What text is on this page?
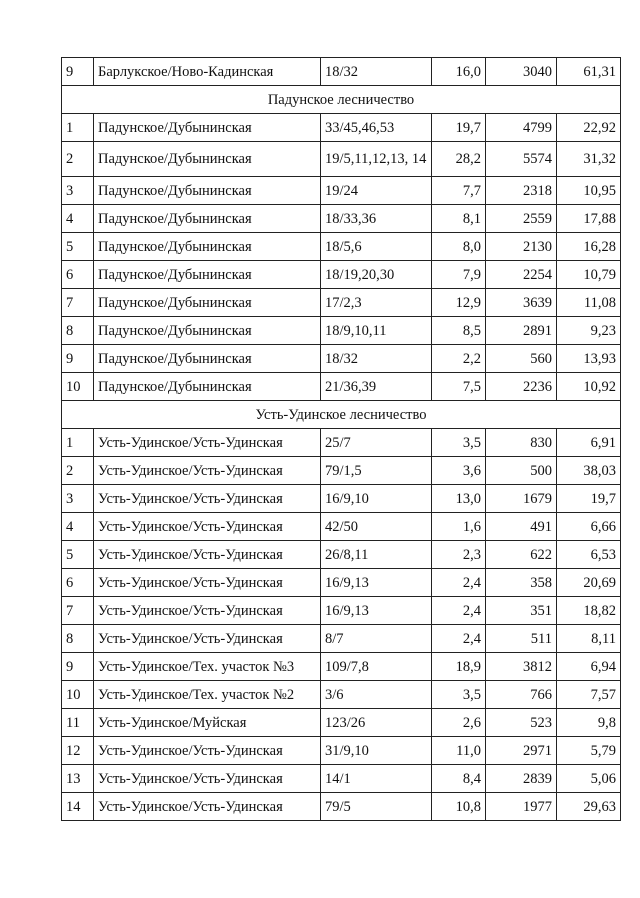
9	Барлукское/Ново-Кадинская	18/32	16,0	3040	61,31
Падунское лесничество					
1	Падунское/Дубынинская	33/45,46,53	19,7	4799	22,92
2	Падунское/Дубынинская	19/5,11,12,13, 14	28,2	5574	31,32
3	Падунское/Дубынинская	19/24	7,7	2318	10,95
4	Падунское/Дубынинская	18/33,36	8,1	2559	17,88
5	Падунское/Дубынинская	18/5,6	8,0	2130	16,28
6	Падунское/Дубынинская	18/19,20,30	7,9	2254	10,79
7	Падунское/Дубынинская	17/2,3	12,9	3639	11,08
8	Падунское/Дубынинская	18/9,10,11	8,5	2891	9,23
9	Падунское/Дубынинская	18/32	2,2	560	13,93
10	Падунское/Дубынинская	21/36,39	7,5	2236	10,92
Усть-Удинское лесничество					
1	Усть-Удинское/Усть-Удинская	25/7	3,5	830	6,91
2	Усть-Удинское/Усть-Удинская	79/1,5	3,6	500	38,03
3	Усть-Удинское/Усть-Удинская	16/9,10	13,0	1679	19,7
4	Усть-Удинское/Усть-Удинская	42/50	1,6	491	6,66
5	Усть-Удинское/Усть-Удинская	26/8,11	2,3	622	6,53
6	Усть-Удинское/Усть-Удинская	16/9,13	2,4	358	20,69
7	Усть-Удинское/Усть-Удинская	16/9,13	2,4	351	18,82
8	Усть-Удинское/Усть-Удинская	8/7	2,4	511	8,11
9	Усть-Удинское/Тех. участок №3	109/7,8	18,9	3812	6,94
10	Усть-Удинское/Тех. участок №2	3/6	3,5	766	7,57
11	Усть-Удинское/Муйская	123/26	2,6	523	9,8
12	Усть-Удинское/Усть-Удинская	31/9,10	11,0	2971	5,79
13	Усть-Удинское/Усть-Удинская	14/1	8,4	2839	5,06
14	Усть-Удинское/Усть-Удинская	79/5	10,8	1977	29,63
